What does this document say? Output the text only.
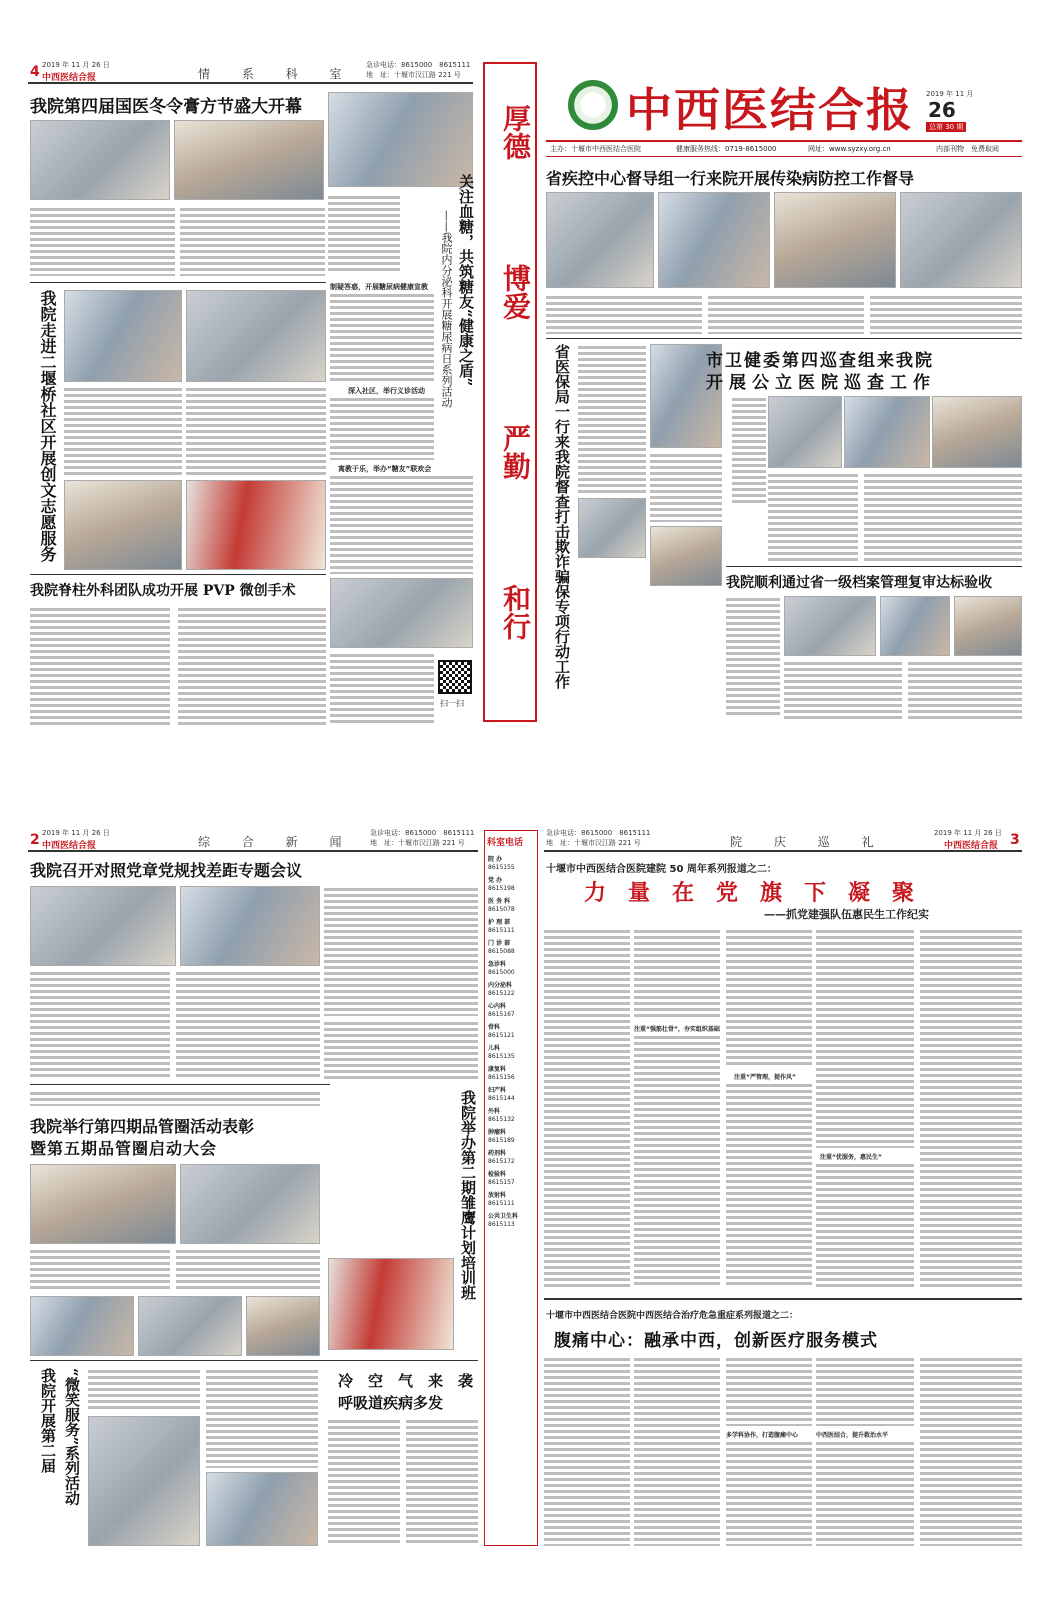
4 2019 年 11 月 26 日
中西医结合报	情 系 科 室
急诊电话：8615000　8615111
地　址：十堰市汉江路 221 号
我院第四届国医冬令膏方节盛大开幕
关注血糖，共筑糖友“健康之盾”
——我院内分泌科开展糖尿病日系列活动
我院走进二堰桥社区开展创文志愿服务
制疑答惑，开展糖尿病健康宣教
深入社区，举行义诊活动
寓教于乐，举办“糖友”联欢会
我院脊柱外科团队成功开展 PVP 微创手术
扫一扫
厚德
博爱
严勤
和行
中西医结合报 2019 年 11 月
26
总第 30 期
主办：十堰市中西医结合医院	健康服务热线：0719-8615000	网址：www.syzxy.org.cn	内部刊物　免费取阅
省疾控中心督导组一行来院开展传染病防控工作督导
省医保局一行来我院督查打击欺诈骗保专项行动工作	市卫健委第四巡查组来我院
开展公立医院巡查工作
我院顺利通过省一级档案管理复审达标验收
2 2019 年 11 月 26 日
中西医结合报	综 合 新 闻
急诊电话：8615000　8615111
地　址：十堰市汉江路 221 号
我院召开对照党章党规找差距专题会议
我院举行第四期品管圈活动表彰
暨第五期品管圈启动大会	我院举办第二期雏鹰计划培训班
我院开展第二届 “微笑服务”系列活动	冷　空　气　来　袭
呼吸道疾病多发
科室电话
院 办
8615155
党 办
8615198
医 务 科
8615078
护 理 部
8615111
门 诊 部
8615088
急诊科
8615000
内分泌科
8615122
心内科
8615167
骨科
8615121
儿科
8615135
康复科
8615156
妇产科
8615144
外科
8615132
肿瘤科
8615189
药剂科
8615172
检验科
8615157
放射科
8615111
公共卫生科
8615113
急诊电话：8615000　8615111
地　址：十堰市汉江路 221 号	院 庆 巡 礼
2019 年 11 月 26 日
中西医结合报 3
十堰市中西医结合医院建院 50 周年系列报道之二：
力　量　在　党　旗　下　凝　聚
——抓党建强队伍惠民生工作纪实
注重“强筋壮骨”，夯实组织基础
注重“严管理，提作风”
注重“优服务，惠民生”
十堰市中西医结合医院中西医结合治疗危急重症系列报道之二：
腹痛中心：融承中西，创新医疗服务模式
多学科协作，打造腹痛中心	中西医结合，提升救治水平
